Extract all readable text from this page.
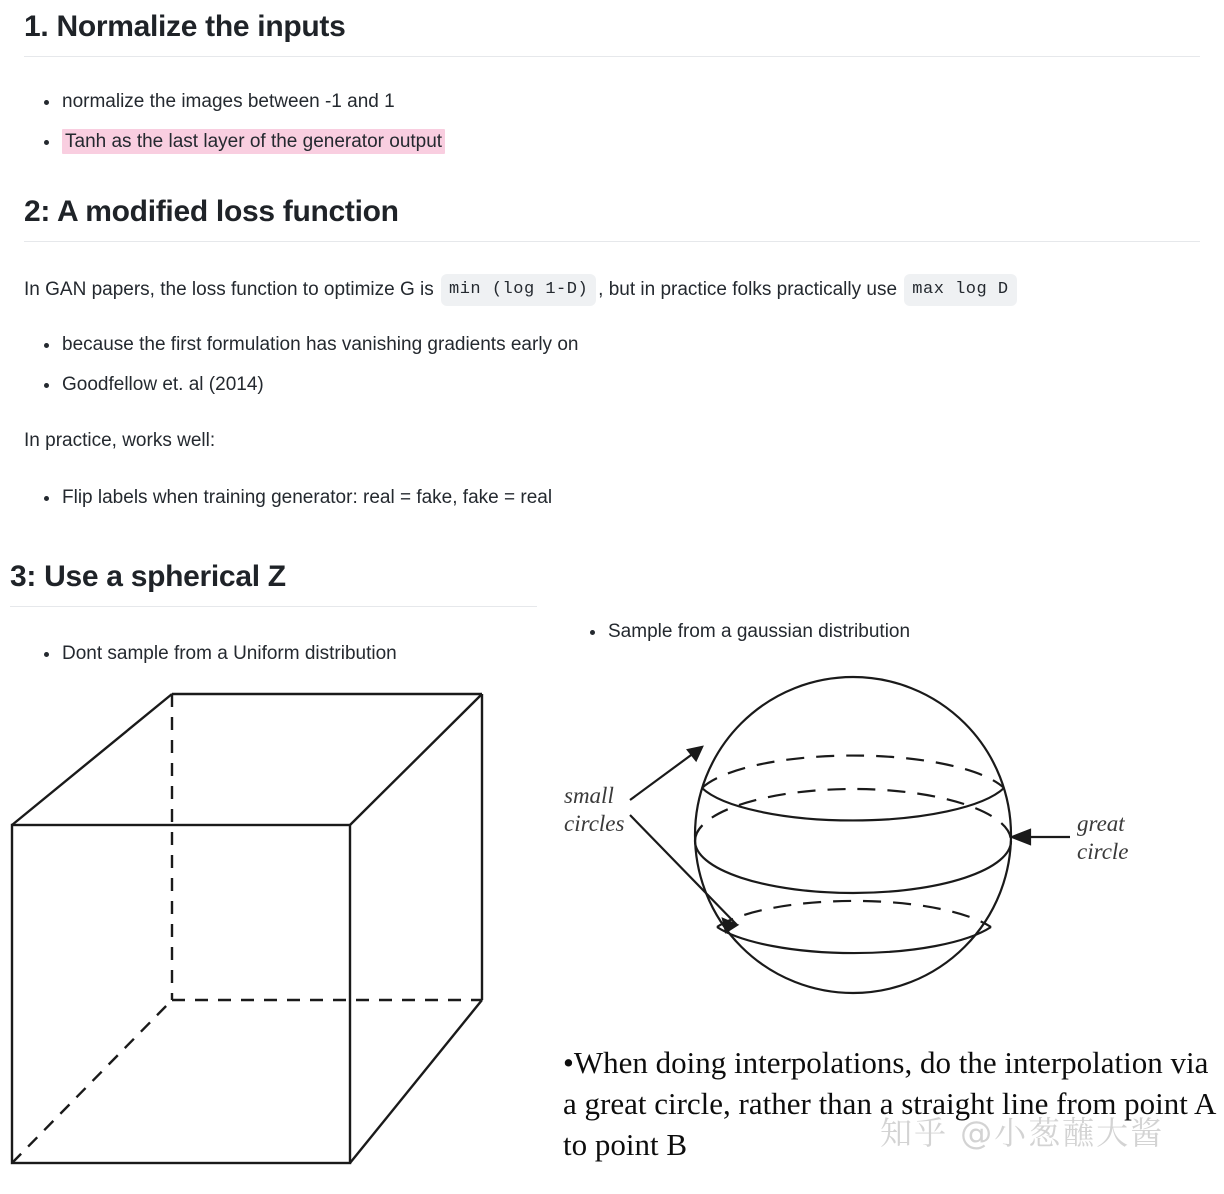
1. Normalize the inputs
normalize the images between -1 and 1
Tanh as the last layer of the generator output
2: A modified loss function
In GAN papers, the loss function to optimize G is min (log 1-D) , but in practice folks practically use max log D
because the first formulation has vanishing gradients early on
Goodfellow et. al (2014)
In practice, works well:
Flip labels when training generator: real = fake, fake = real
3: Use a spherical Z
Dont sample from a Uniform distribution
Sample from a gaussian distribution
small
circles	great
circle
•When doing interpolations, do the interpolation via a great circle, rather than a straight line from point A to point B	知乎 @小葱蘸大酱
